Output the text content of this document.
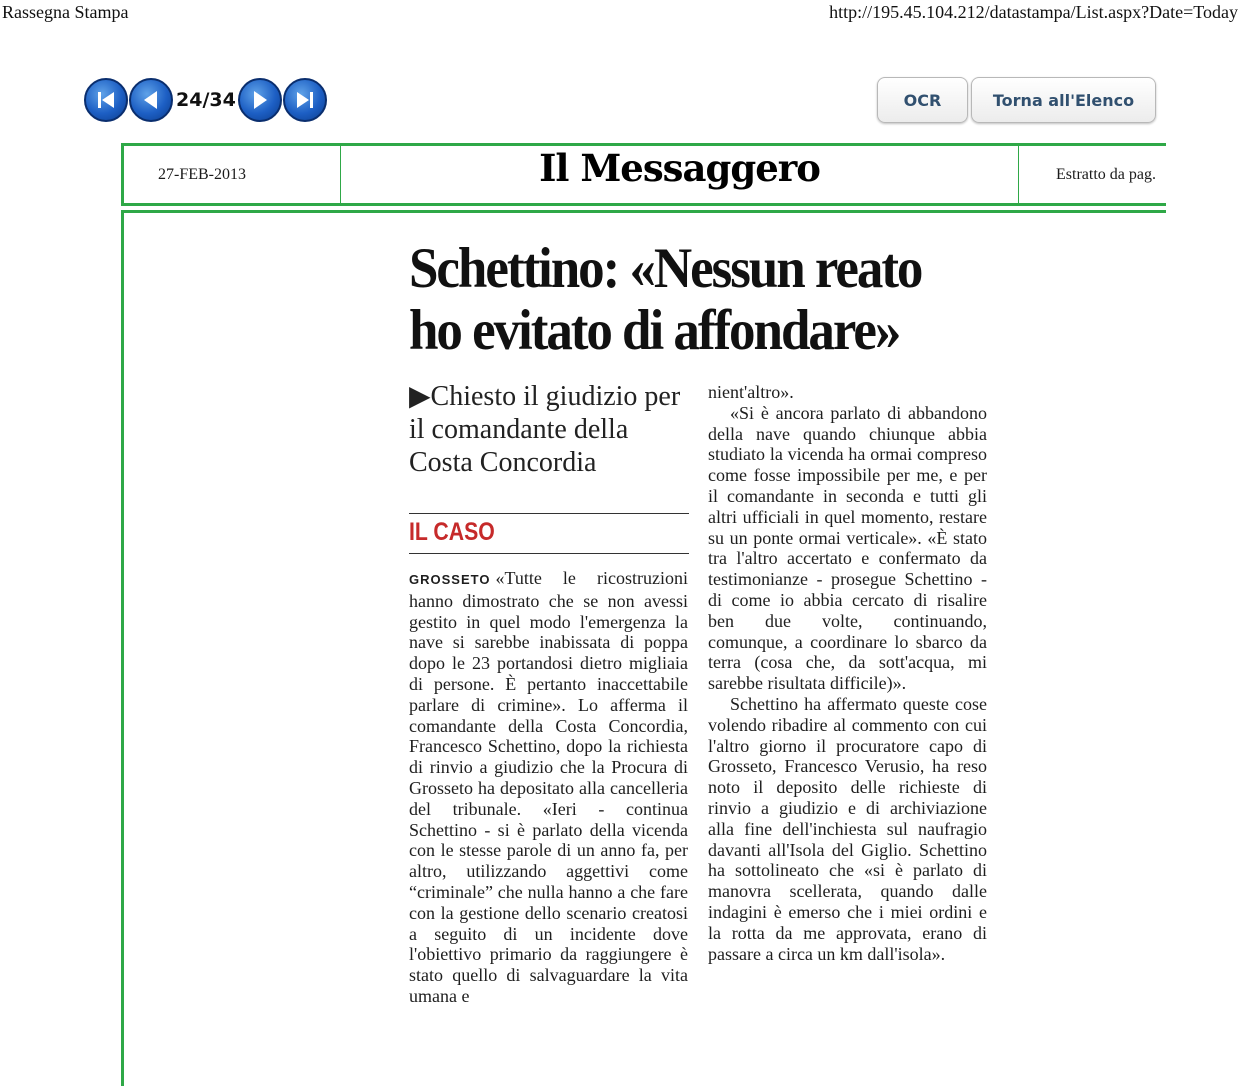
Rassegna Stampa	http://195.45.104.212/datastampa/List.aspx?Date=Today
24/34	OCR	Torna all'Elenco
27-FEB-2013	Il Messaggero	Estratto da pag.
Schettino: «Nessun reato ho evitato di affondare»
▶Chiesto il giudizio per il comandante della Costa Concordia
IL CASO

GROSSETO «Tutte le ricostruzioni hanno dimostrato che se non avessi gestito in quel modo l'emergenza la nave si sarebbe inabissata di poppa dopo le 23 portandosi dietro migliaia di persone. È pertanto inaccettabile parlare di crimine». Lo afferma il comandante della Costa Concordia, Francesco Schettino, dopo la richiesta di rinvio a giudizio che la Procura di Grosseto ha depositato alla cancelleria del tribunale. «Ieri - continua Schettino - si è parlato della vicenda con le stesse parole di un anno fa, per altro, utilizzando aggettivi come “criminale” che nulla hanno a che fare con la gestione dello scenario creatosi a seguito di un incidente dove l'obiettivo primario da raggiungere è stato quello di salvaguardare la vita umana e

nient'altro».

«Si è ancora parlato di abbandono della nave quando chiunque abbia studiato la vicenda ha ormai compreso come fosse impossibile per me, e per il comandante in seconda e tutti gli altri ufficiali in quel momento, restare su un ponte ormai verticale». «È stato tra l'altro accertato e confermato da testimonianze - prosegue Schettino - di come io abbia cercato di risalire ben due volte, continuando, comunque, a coordinare lo sbarco da terra (cosa che, da sott'acqua, mi sarebbe risultata difficile)».

Schettino ha affermato queste cose volendo ribadire al commento con cui l'altro giorno il procuratore capo di Grosseto, Francesco Verusio, ha reso noto il deposito delle richieste di rinvio a giudizio e di archiviazione alla fine dell'inchiesta sul naufragio davanti all'Isola del Giglio. Schettino ha sottolineato che «si è parlato di manovra scellerata, quando dalle indagini è emerso che i miei ordini e la rotta da me approvata, erano di passare a circa un km dall'isola».
